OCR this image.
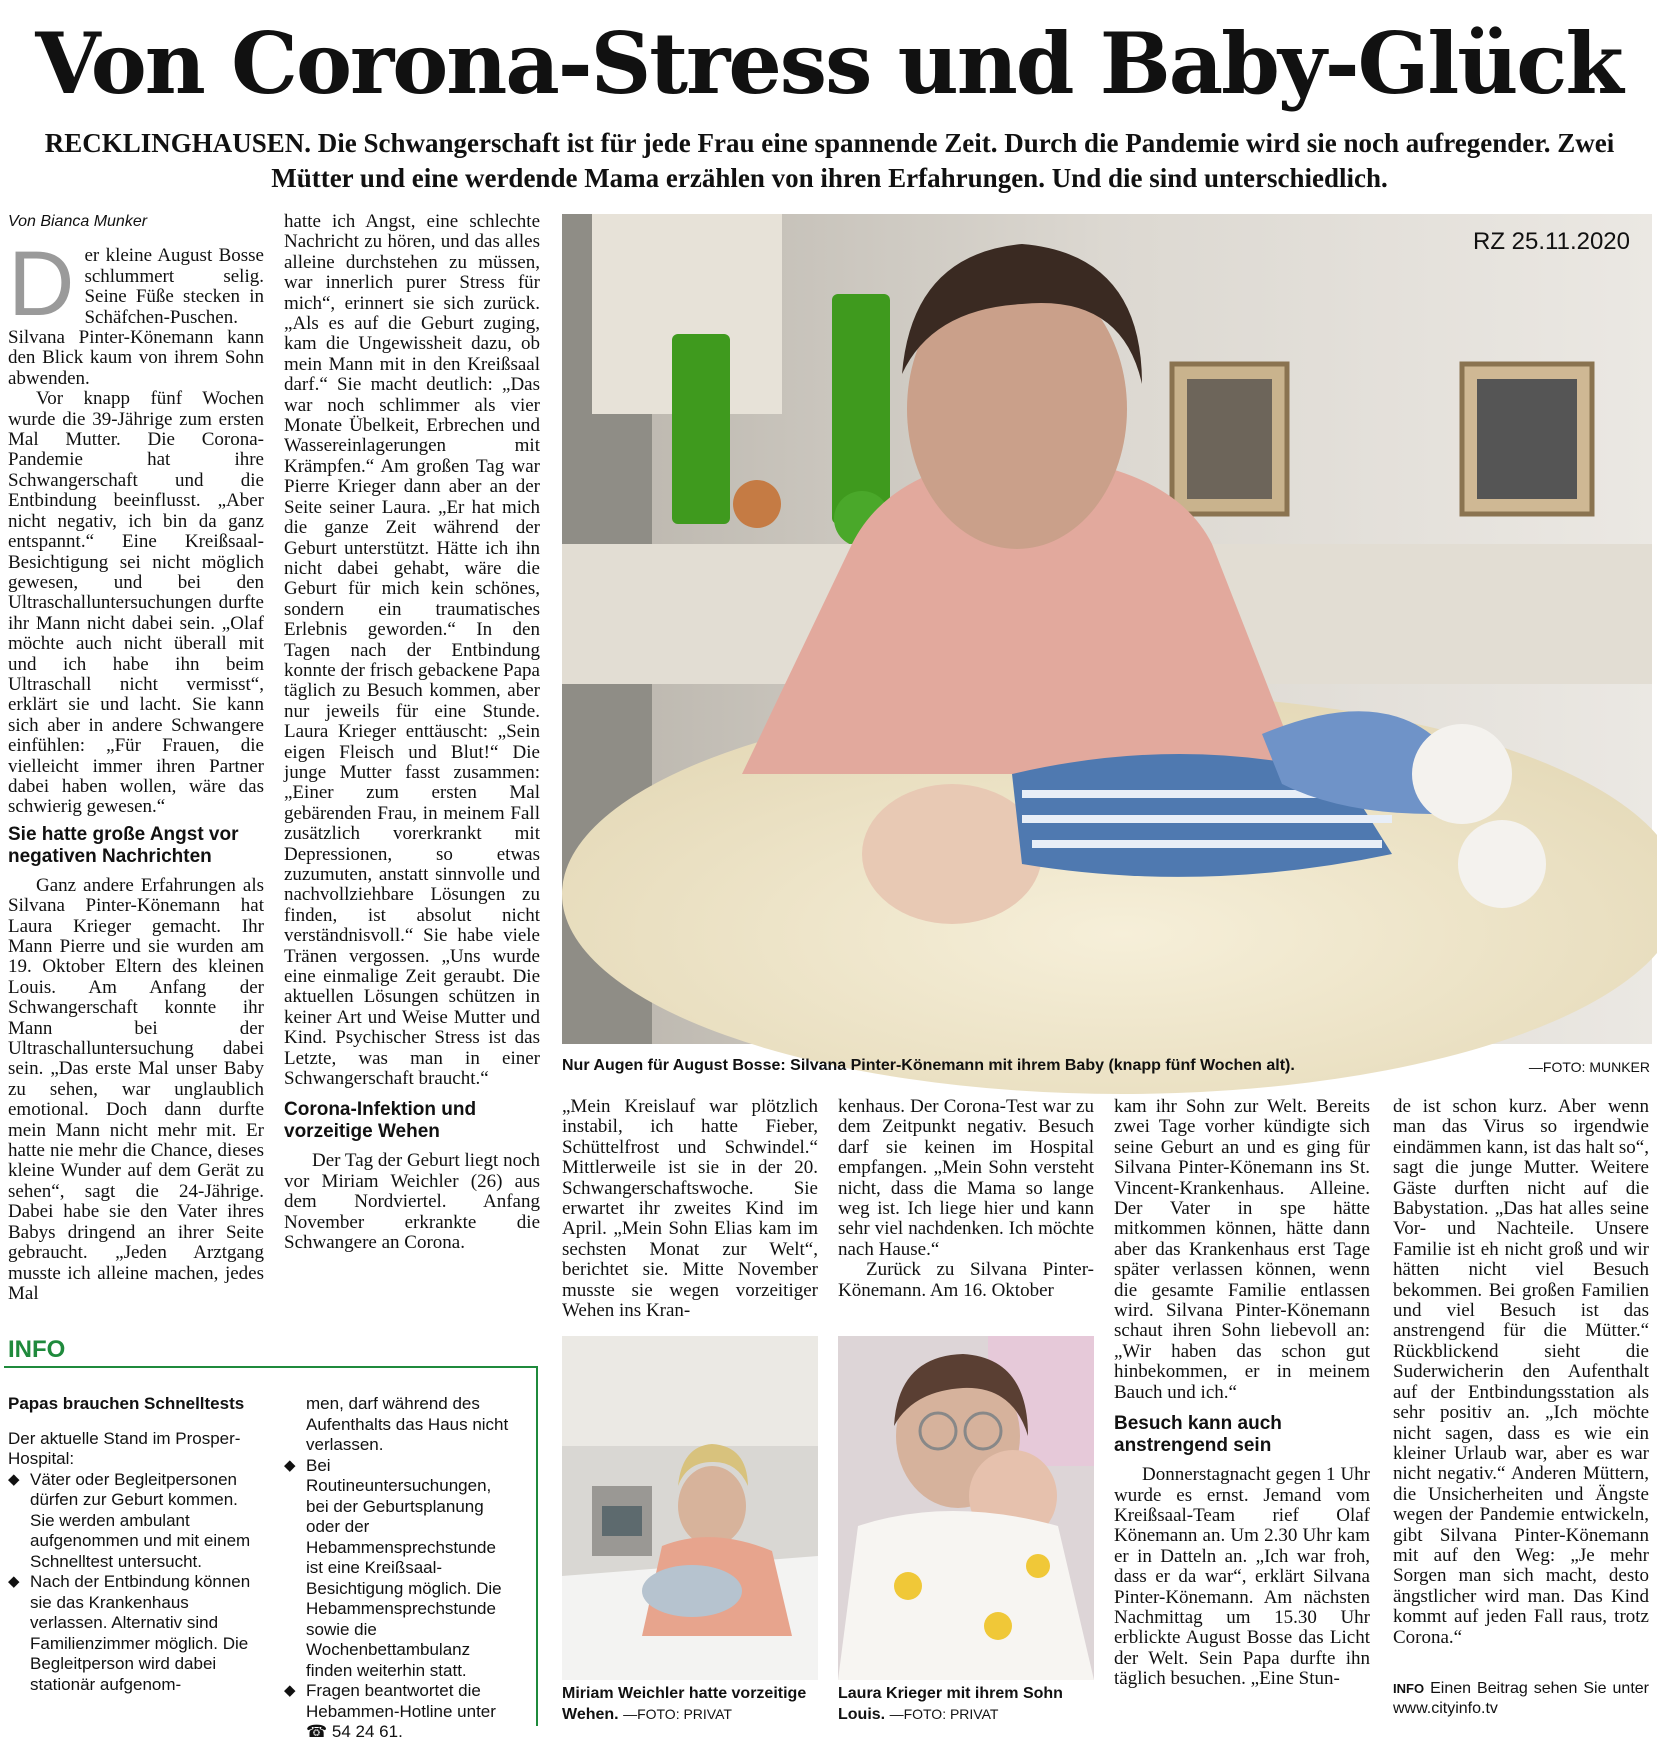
Von Corona-Stress und Baby-Glück
RECKLINGHAUSEN. Die Schwangerschaft ist für jede Frau eine spannende Zeit. Durch die Pandemie wird sie noch aufregender. Zwei Mütter und eine werdende Mama erzählen von ihren Erfahrungen. Und die sind unterschiedlich.
Von Bianca Munker

Der kleine August Bosse schlummert selig. Seine Füße stecken in Schäfchen-Puschen. Silvana Pinter-Könemann kann den Blick kaum von ihrem Sohn abwenden.

Vor knapp fünf Wochen wurde die 39-Jährige zum ersten Mal Mutter. Die Corona-Pandemie hat ihre Schwangerschaft und die Entbindung beeinflusst. „Aber nicht negativ, ich bin da ganz entspannt.“ Eine Kreißsaal-Besichtigung sei nicht möglich gewesen, und bei den Ultraschalluntersuchungen durfte ihr Mann nicht dabei sein. „Olaf möchte auch nicht überall mit und ich habe ihn beim Ultraschall nicht vermisst“, erklärt sie und lacht. Sie kann sich aber in andere Schwangere einfühlen: „Für Frauen, die vielleicht immer ihren Partner dabei haben wollen, wäre das schwierig gewesen.“

Sie hatte große Angst vor negativen Nachrichten

Ganz andere Erfahrungen als Silvana Pinter-Könemann hat Laura Krieger gemacht. Ihr Mann Pierre und sie wurden am 19. Oktober Eltern des kleinen Louis. Am Anfang der Schwangerschaft konnte ihr Mann bei der Ultraschalluntersuchung dabei sein. „Das erste Mal unser Baby zu sehen, war unglaublich emotional. Doch dann durfte mein Mann nicht mehr mit. Er hatte nie mehr die Chance, dieses kleine Wunder auf dem Gerät zu sehen“, sagt die 24-Jährige. Dabei habe sie den Vater ihres Babys dringend an ihrer Seite gebraucht. „Jeden Arztgang musste ich alleine machen, jedes Mal

hatte ich Angst, eine schlechte Nachricht zu hören, und das alles alleine durchstehen zu müssen, war innerlich purer Stress für mich“, erinnert sie sich zurück. „Als es auf die Geburt zuging, kam die Ungewissheit dazu, ob mein Mann mit in den Kreißsaal darf.“ Sie macht deutlich: „Das war noch schlimmer als vier Monate Übelkeit, Erbrechen und Wassereinlagerungen mit Krämpfen.“ Am großen Tag war Pierre Krieger dann aber an der Seite seiner Laura. „Er hat mich die ganze Zeit während der Geburt unterstützt. Hätte ich ihn nicht dabei gehabt, wäre die Geburt für mich kein schönes, sondern ein traumatisches Erlebnis geworden.“ In den Tagen nach der Entbindung konnte der frisch gebackene Papa täglich zu Besuch kommen, aber nur jeweils für eine Stunde. Laura Krieger enttäuscht: „Sein eigen Fleisch und Blut!“ Die junge Mutter fasst zusammen: „Einer zum ersten Mal gebärenden Frau, in meinem Fall zusätzlich vorerkrankt mit Depressionen, so etwas zuzumuten, anstatt sinnvolle und nachvollziehbare Lösungen zu finden, ist absolut nicht verständnisvoll.“ Sie habe viele Tränen vergossen. „Uns wurde eine einmalige Zeit geraubt. Die aktuellen Lösungen schützen in keiner Art und Weise Mutter und Kind. Psychischer Stress ist das Letzte, was man in einer Schwangerschaft braucht.“

Corona-Infektion und vorzeitige Wehen

Der Tag der Geburt liegt noch vor Miriam Weichler (26) aus dem Nordviertel. Anfang November erkrankte die Schwangere an Corona.

RZ 25.11.2020
Nur Augen für August Bosse: Silvana Pinter-Könemann mit ihrem Baby (knapp fünf Wochen alt).	—FOTO: MUNKER

„Mein Kreislauf war plötzlich instabil, ich hatte Fieber, Schüttelfrost und Schwindel.“ Mittlerweile ist sie in der 20. Schwangerschaftswoche. Sie erwartet ihr zweites Kind im April. „Mein Sohn Elias kam im sechsten Monat zur Welt“, berichtet sie. Mitte November musste sie wegen vorzeitiger Wehen ins Kran-

kenhaus. Der Corona-Test war zu dem Zeitpunkt negativ. Besuch darf sie keinen im Hospital empfangen. „Mein Sohn versteht nicht, dass die Mama so lange weg ist. Ich liege hier und kann sehr viel nachdenken. Ich möchte nach Hause.“

Zurück zu Silvana Pinter-Könemann. Am 16. Oktober

kam ihr Sohn zur Welt. Bereits zwei Tage vorher kündigte sich seine Geburt an und es ging für Silvana Pinter-Könemann ins St. Vincent-Krankenhaus. Alleine. Der Vater in spe hätte mitkommen können, hätte dann aber das Krankenhaus erst Tage später verlassen können, wenn die gesamte Familie entlassen wird. Silvana Pinter-Könemann schaut ihren Sohn liebevoll an: „Wir haben das schon gut hinbekommen, er in meinem Bauch und ich.“

Besuch kann auch anstrengend sein

Donnerstagnacht gegen 1 Uhr wurde es ernst. Jemand vom Kreißsaal-Team rief Olaf Könemann an. Um 2.30 Uhr kam er in Datteln an. „Ich war froh, dass er da war“, erklärt Silvana Pinter-Könemann. Am nächsten Nachmittag um 15.30 Uhr erblickte August Bosse das Licht der Welt. Sein Papa durfte ihn täglich besuchen. „Eine Stun-

de ist schon kurz. Aber wenn man das Virus so irgendwie eindämmen kann, ist das halt so“, sagt die junge Mutter. Weitere Gäste durften nicht auf die Babystation. „Das hat alles seine Vor- und Nachteile. Unsere Familie ist eh nicht groß und wir hätten nicht viel Besuch bekommen. Bei großen Familien und viel Besuch ist das anstrengend für die Mütter.“ Rückblickend sieht die Suderwicherin den Aufenthalt auf der Entbindungsstation als sehr positiv an. „Ich möchte nicht sagen, dass es wie ein kleiner Urlaub war, aber es war nicht negativ.“ Anderen Müttern, die Unsicherheiten und Ängste wegen der Pandemie entwickeln, gibt Silvana Pinter-Könemann mit auf den Weg: „Je mehr Sorgen man sich macht, desto ängstlicher wird man. Das Kind kommt auf jeden Fall raus, trotz Corona.“

Miriam Weichler hatte vorzeitige Wehen. —FOTO: PRIVAT
Laura Krieger mit ihrem Sohn Louis. —FOTO: PRIVAT
INFO
Papas brauchen Schnelltests
Der aktuelle Stand im Prosper-Hospital:
◆ Väter oder Begleitpersonen dürfen zur Geburt kommen. Sie werden ambulant aufgenommen und mit einem Schnelltest untersucht.
◆ Nach der Entbindung können sie das Krankenhaus verlassen. Alternativ sind Familienzimmer möglich. Die Begleitperson wird dabei stationär aufgenom-
men, darf während des Aufenthalts das Haus nicht verlassen.
◆ Bei Routineuntersuchungen, bei der Geburtsplanung oder der Hebammensprechstunde ist eine Kreißsaal-Besichtigung möglich. Die Hebammensprechstunde sowie die Wochenbettambulanz finden weiterhin statt.
◆ Fragen beantwortet die Hebammen-Hotline unter ☎ 54 24 61.
INFO Einen Beitrag sehen Sie unter www.cityinfo.tv
